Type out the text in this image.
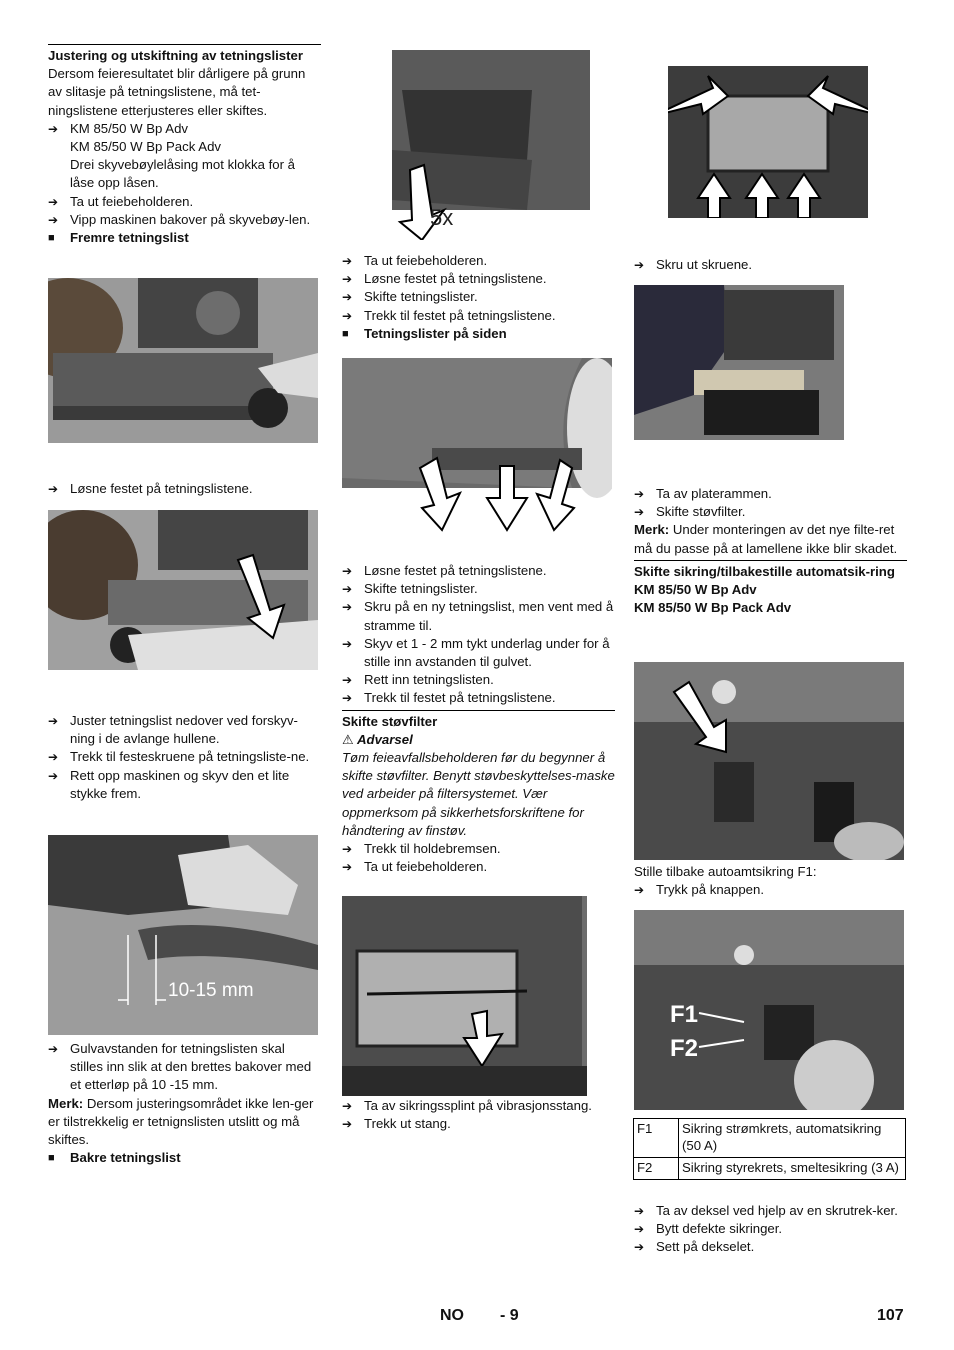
Justering og utskiftning av tetningslister

Dersom feieresultatet blir dårligere på grunn av slitasje på tetningslistene, må tet-ningslistene etterjusteres eller skiftes.

➔ KM 85/50 W Bp Adv
KM 85/50 W Bp Pack Adv
Drei skyvebøylelåsing mot klokka for å låse opp låsen.
➔ Ta ut feiebeholderen.
➔ Vipp maskinen bakover på skyvebøy-len.
■ Fremre tetningslist
➔ Løsne festet på tetningslistene.
➔ Juster tetningslist nedover ved forskyv-ning i de avlange hullene.
➔ Trekk til festeskruene på tetningsliste-ne.
➔ Rett opp maskinen og skyv den et lite stykke frem.
10-15 mm
➔ Gulvavstanden for tetningslisten skal stilles inn slik at den brettes bakover med et etterløp på 10 -15 mm.

Merk: Dersom justeringsområdet ikke len-ger er tilstrekkelig er tetnignslisten utslitt og må skiftes.

■ Bakre tetningslist
5x
➔ Ta ut feiebeholderen.
➔ Løsne festet på tetningslistene.
➔ Skifte tetningslister.
➔ Trekk til festet på tetningslistene.
■ Tetningslister på siden
➔ Løsne festet på tetningslistene.
➔ Skifte tetningslister.
➔ Skru på en ny tetningslist, men vent med å stramme til.
➔ Skyv et 1 - 2 mm tykt underlag under for å stille inn avstanden til gulvet.
➔ Rett inn tetningslisten.
➔ Trekk til festet på tetningslistene.
Skifte støvfilter
⚠ Advarsel

Tøm feieavfallsbeholderen før du begynner å skifte støvfilter. Benytt støvbeskyttelses-maske ved arbeider på filtersystemet. Vær oppmerksom på sikkerhetsforskriftene for håndtering av finstøv.

➔ Trekk til holdebremsen.
➔ Ta ut feiebeholderen.
➔ Ta av sikringssplint på vibrasjonsstang.
➔ Trekk ut stang.
➔ Skru ut skruene.
➔ Ta av platerammen.
➔ Skifte støvfilter.

Merk: Under monteringen av det nye filte-ret må du passe på at lamellene ikke blir skadet.

Skifte sikring/tilbakestille automatsik-ring
KM 85/50 W Bp Adv
KM 85/50 W Bp Pack Adv
Stille tilbake autoamtsikring F1:
➔ Trykk på knappen.
F1
F2
F1	Sikring strømkrets, automatsikring (50 A)
F2	Sikring styrekrets, smeltesikring (3 A)
➔ Ta av deksel ved hjelp av en skrutrek-ker.
➔ Bytt defekte sikringer.
➔ Sett på dekselet.
NO - 9	107
